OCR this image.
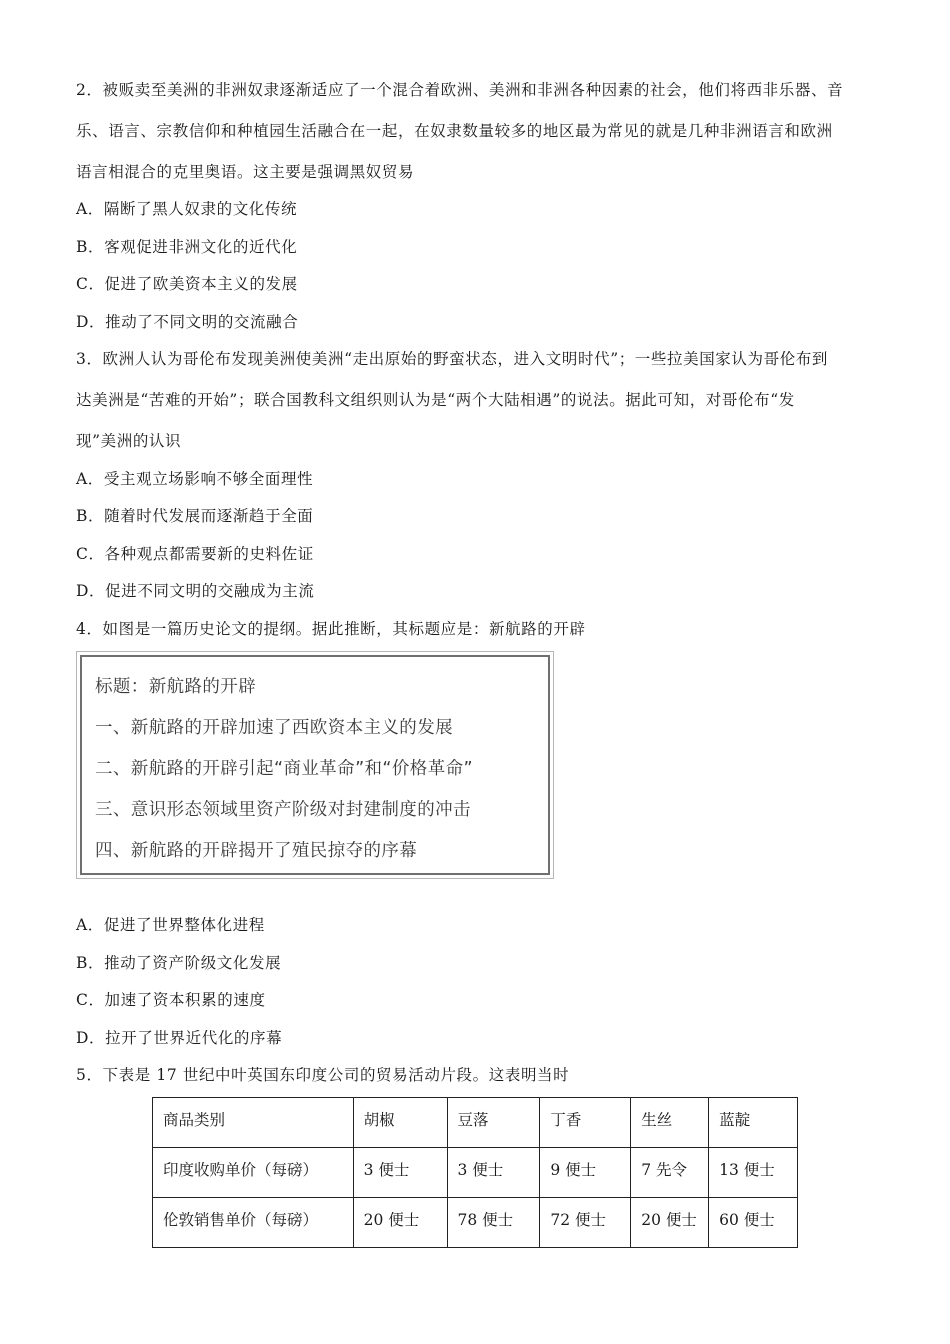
2．被贩卖至美洲的非洲奴隶逐渐适应了一个混合着欧洲、美洲和非洲各种因素的社会，他们将西非乐器、音
乐、语言、宗教信仰和种植园生活融合在一起，在奴隶数量较多的地区最为常见的就是几种非洲语言和欧洲
语言相混合的克里奥语。这主要是强调黑奴贸易
A．隔断了黑人奴隶的文化传统
B．客观促进非洲文化的近代化
C．促进了欧美资本主义的发展
D．推动了不同文明的交流融合
3．欧洲人认为哥伦布发现美洲使美洲“走出原始的野蛮状态，进入文明时代”；一些拉美国家认为哥伦布到
达美洲是“苦难的开始”；联合国教科文组织则认为是“两个大陆相遇”的说法。据此可知，对哥伦布“发
现”美洲的认识
A．受主观立场影响不够全面理性
B．随着时代发展而逐渐趋于全面
C．各种观点都需要新的史料佐证
D．促进不同文明的交融成为主流
4．如图是一篇历史论文的提纲。据此推断，其标题应是：新航路的开辟
标题：新航路的开辟
一、新航路的开辟加速了西欧资本主义的发展
二、新航路的开辟引起“商业革命”和“价格革命”
三、意识形态领域里资产阶级对封建制度的冲击
四、新航路的开辟揭开了殖民掠夺的序幕
A．促进了世界整体化进程
B．推动了资产阶级文化发展
C．加速了资本积累的速度
D．拉开了世界近代化的序幕
5．下表是 17 世纪中叶英国东印度公司的贸易活动片段。这表明当时
商品类别	胡椒	豆落	丁香	生丝	蓝靛
印度收购单价（每磅）	3 便士	3 便士	9 便士	7 先令	13 便士
伦敦销售单价（每磅）	20 便士	78 便士	72 便士	20 便士	60 便士
